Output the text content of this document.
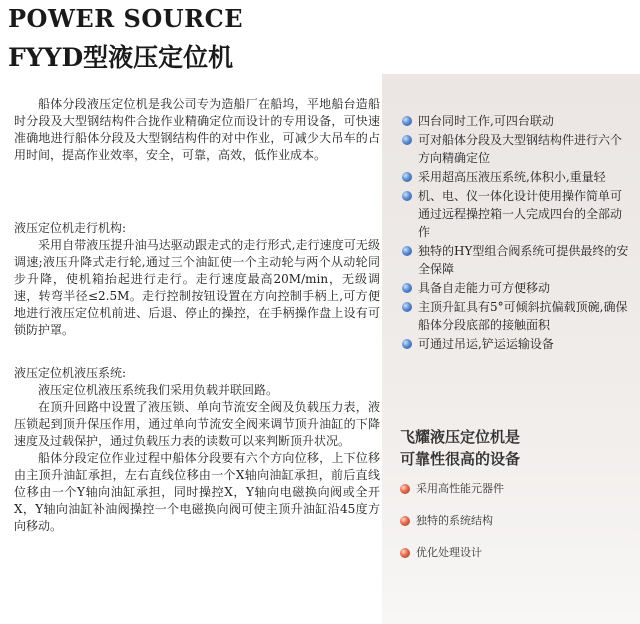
POWER SOURCE
FYYD型液压定位机

船体分段液压定位机是我公司专为造船厂在船坞，平地船台造船时分段及大型钢结构件合拢作业精确定位而设计的专用设备，可快速准确地进行船体分段及大型钢结构件的对中作业，可减少大吊车的占用时间，提高作业效率，安全，可靠，高效，低作业成本。

液压定位机走行机构:

采用自带液压提升油马达驱动跟走式的走行形式,走行速度可无级调速;液压升降式走行轮,通过三个油缸使一个主动轮与两个从动轮同步升降，使机箱抬起进行走行。走行速度最高20M/min，无级调速，转弯半径≤2.5M。走行控制按钮设置在方向控制手柄上,可方便地进行液压定位机前进、后退、停止的操控，在手柄操作盘上设有可锁防护罩。

液压定位机液压系统:

液压定位机液压系统我们采用负载并联回路。

在顶升回路中设置了液压锁、单向节流安全阀及负载压力表，液压锁起到顶升保压作用，通过单向节流安全阀来调节顶升油缸的下降速度及过载保护，通过负载压力表的读数可以来判断顶升状况。

船体分段定位作业过程中船体分段要有六个方向位移，上下位移由主顶升油缸承担，左右直线位移由一个X轴向油缸承担，前后直线位移由一个Y轴向油缸承担，同时操控X，Y轴向电磁换向阀或全开X，Y轴向油缸补油阀操控一个电磁换向阀可使主顶升油缸沿45度方向移动。

四台同时工作,可四台联动
可对船体分段及大型钢结构件进行六个方向精确定位
采用超高压液压系统,体积小,重量轻
机、电、仪一体化设计使用操作简单可通过远程操控箱一人完成四台的全部动作
独特的HY型组合阀系统可提供最终的安全保障
具备自走能力可方便移动
主顶升缸具有5°可倾斜抗偏载顶碗,确保船体分段底部的接触面积
可通过吊运,铲运运输设备
飞耀液压定位机是
可靠性很高的设备
采用高性能元器件
独特的系统结构
优化处理设计
